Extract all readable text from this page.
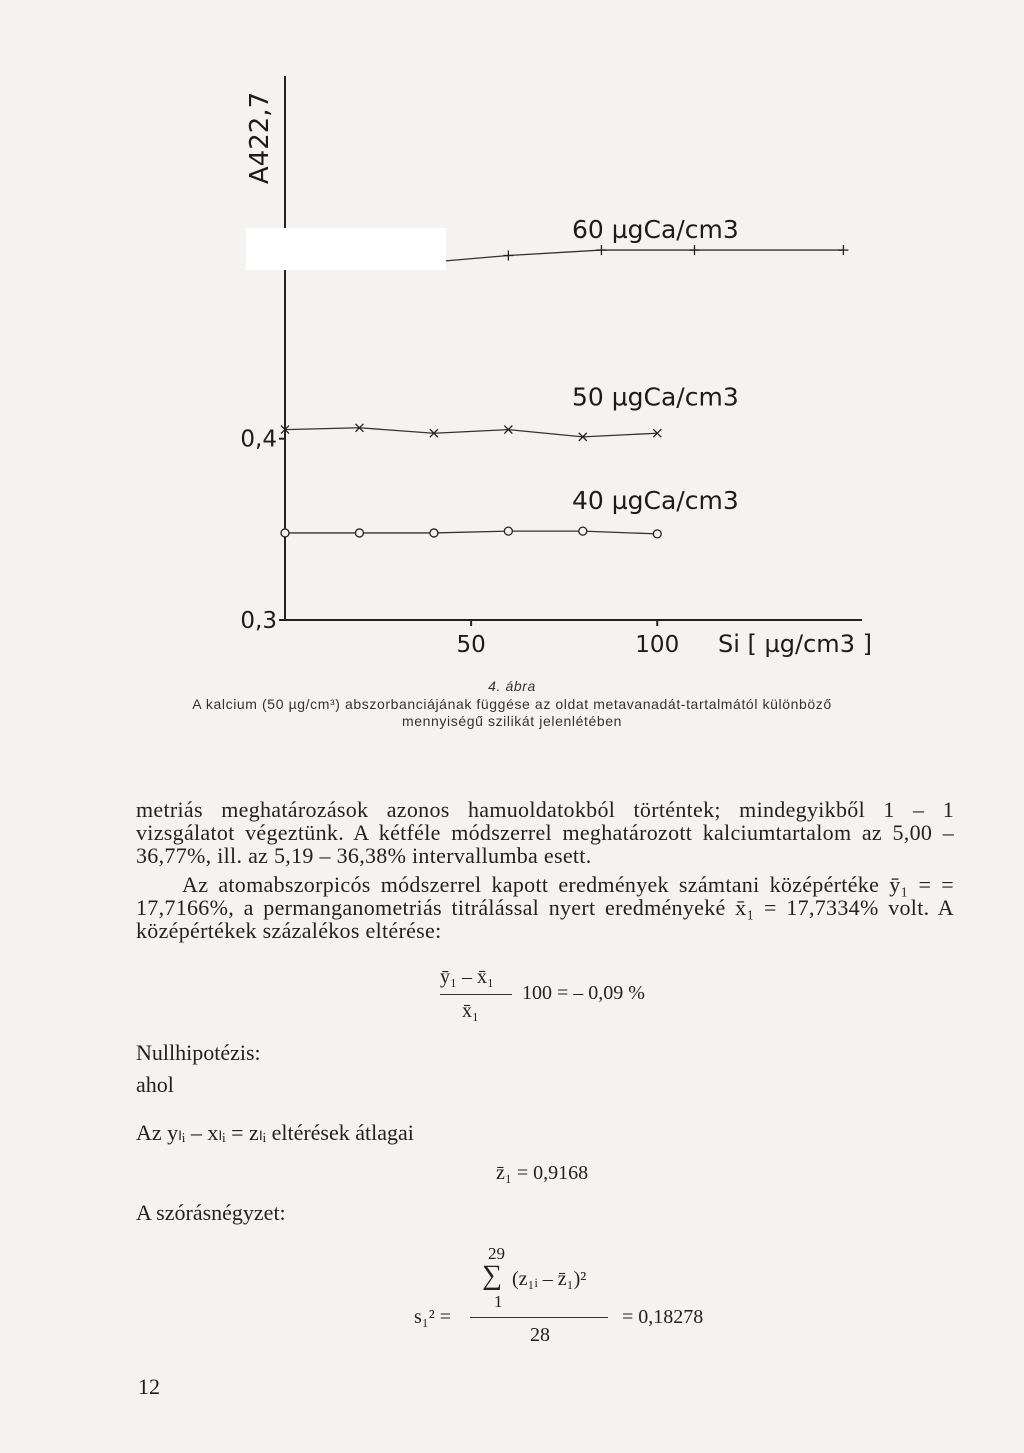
A422,7
Si [ µg/cm3 ]
0,3
0,4
50	100
60 µgCa/cm3
50 µgCa/cm3
40 µgCa/cm3
4. ábra
A kalcium (50 µg/cm³) abszorbanciájának függése az oldat metavanadát-tartalmától különböző
mennyiségű szilikát jelenlétében
metriás meghatározások azonos hamuoldatokból történtek; mindegyikből 1 – 1 vizsgálatot végeztünk. A kétféle módszerrel meghatározott kalciumtartalom az 5,00 – 36,77%, ill. az 5,19 – 36,38% intervallumba esett.
Az atomabszorpicós módszerrel kapott eredmények számtani középértéke ȳ₁ = = 17,7166%, a permanganometriás titrálással nyert eredményeké x̄₁ = 17,7334% volt. A középértékek százalékos eltérése:
ȳ₁ – x̄₁
x̄₁
100 = – 0,09 %
Nullhipotézis:
ahol
Az yₗᵢ – xₗᵢ = zₗᵢ eltérések átlagai
z̄₁ = 0,9168
A szórásnégyzet:
29
∑ (z₁ᵢ – z̄₁)²
1
s₁² =
28
= 0,18278
12
